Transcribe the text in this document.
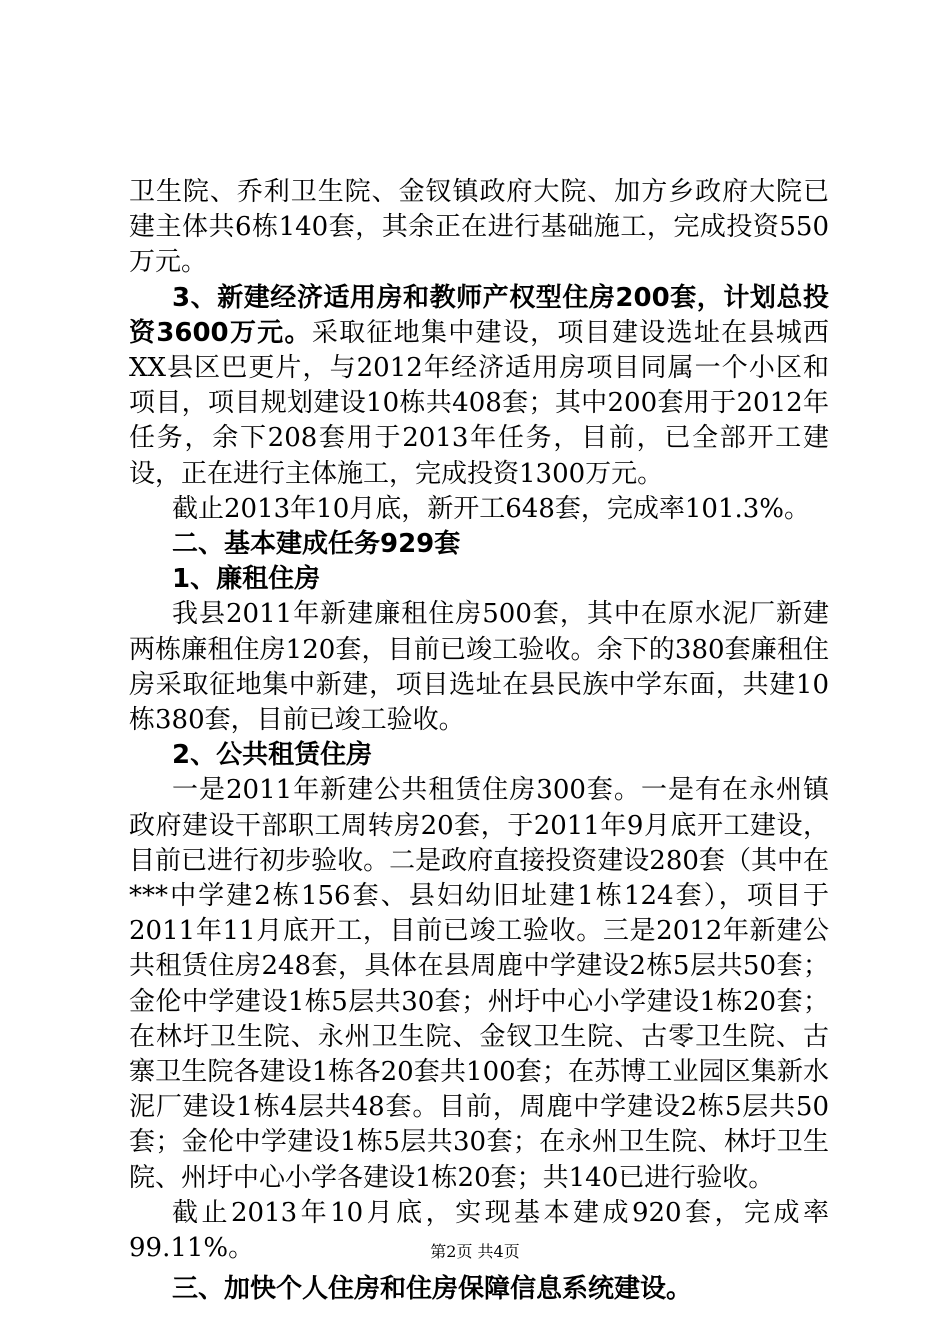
卫生院、乔利卫生院、金钗镇政府大院、加方乡政府大院已建主体共6栋140套，其余正在进行基础施工，完成投资550万元。

3、新建经济适用房和教师产权型住房200套，计划总投资3600万元。采取征地集中建设，项目建设选址在县城西XX县区巴更片，与2012年经济适用房项目同属一个小区和项目，项目规划建设10栋共408套；其中200套用于2012年任务，余下208套用于2013年任务，目前，已全部开工建设，正在进行主体施工，完成投资1300万元。

截止2013年10月底，新开工648套，完成率101.3%。

二、基本建成任务929套

1、廉租住房

我县2011年新建廉租住房500套，其中在原水泥厂新建两栋廉租住房120套，目前已竣工验收。余下的380套廉租住房采取征地集中新建，项目选址在县民族中学东面，共建10栋380套，目前已竣工验收。

2、公共租赁住房

一是2011年新建公共租赁住房300套。一是有在永州镇政府建设干部职工周转房20套，于2011年9月底开工建设，目前已进行初步验收。二是政府直接投资建设280套（其中在***中学建2栋156套、县妇幼旧址建1栋124套），项目于2011年11月底开工，目前已竣工验收。三是2012年新建公共租赁住房248套，具体在县周鹿中学建设2栋5层共50套；金伦中学建设1栋5层共30套；州圩中心小学建设1栋20套；在林圩卫生院、永州卫生院、金钗卫生院、古零卫生院、古寨卫生院各建设1栋各20套共100套；在苏博工业园区集新水泥厂建设1栋4层共48套。目前，周鹿中学建设2栋5层共50套；金伦中学建设1栋5层共30套；在永州卫生院、林圩卫生院、州圩中心小学各建设1栋20套；共140已进行验收。

截止2013年10月底，实现基本建成920套，完成率99.11%。

三、加快个人住房和住房保障信息系统建设。

第2页 共4页
